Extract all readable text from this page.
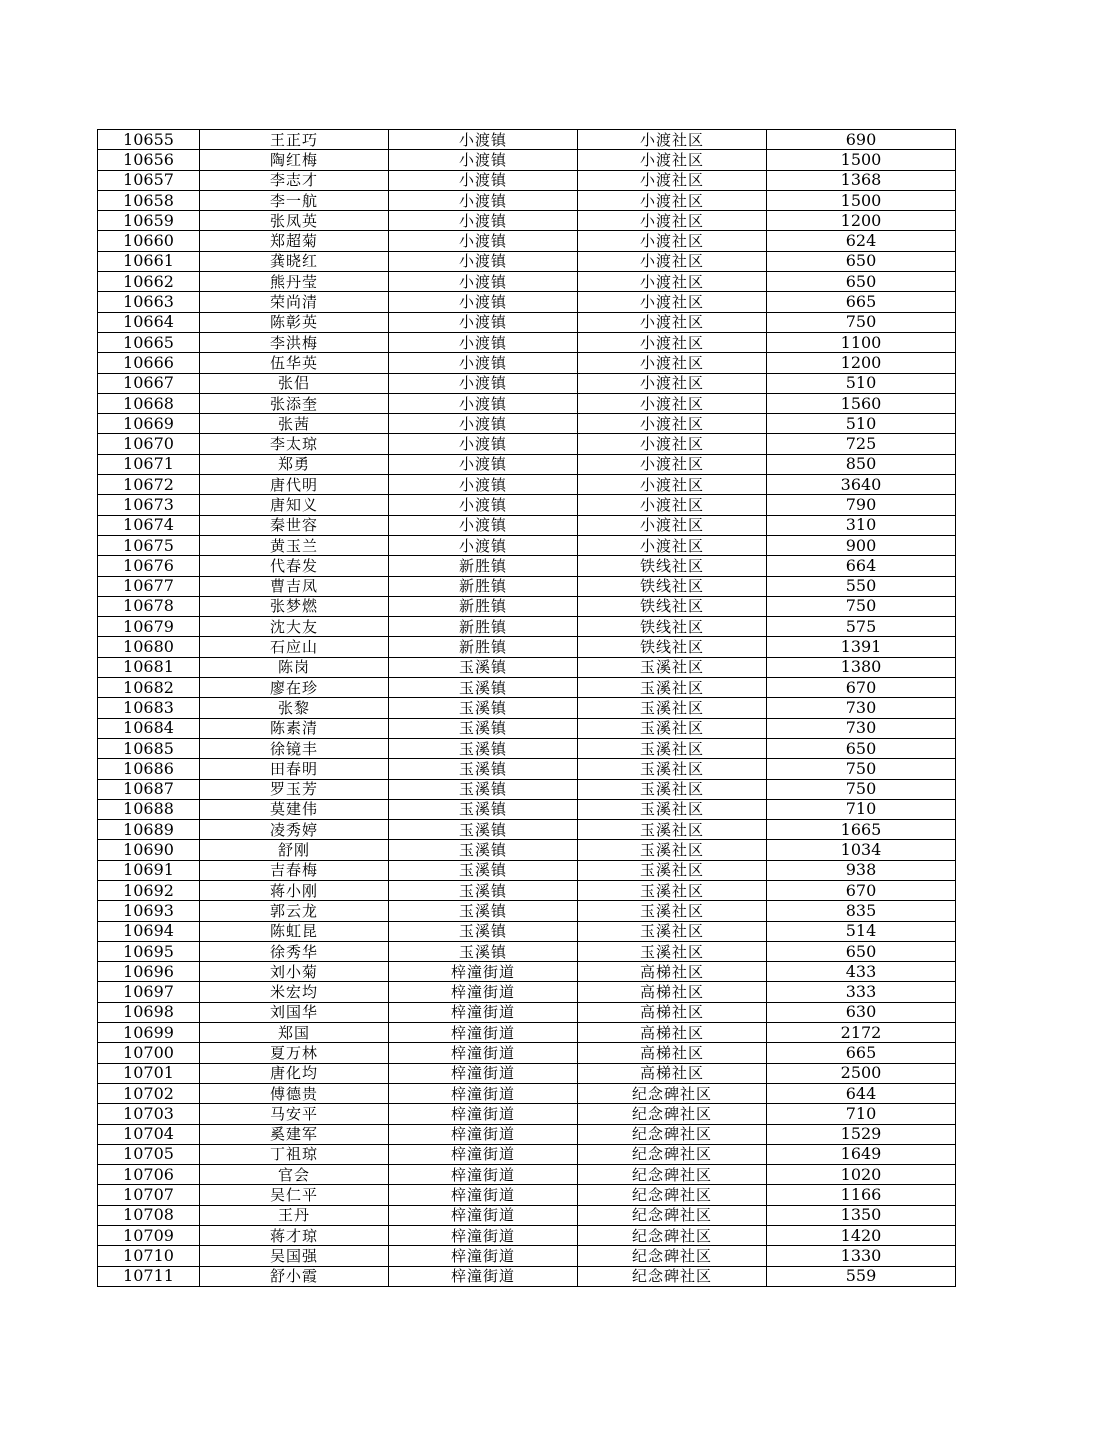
10655	王正巧	小渡镇	小渡社区	690
10656	陶红梅	小渡镇	小渡社区	1500
10657	李志才	小渡镇	小渡社区	1368
10658	李一航	小渡镇	小渡社区	1500
10659	张凤英	小渡镇	小渡社区	1200
10660	郑超菊	小渡镇	小渡社区	624
10661	龚晓红	小渡镇	小渡社区	650
10662	熊丹莹	小渡镇	小渡社区	650
10663	荣尚清	小渡镇	小渡社区	665
10664	陈彰英	小渡镇	小渡社区	750
10665	李洪梅	小渡镇	小渡社区	1100
10666	伍华英	小渡镇	小渡社区	1200
10667	张侣	小渡镇	小渡社区	510
10668	张添奎	小渡镇	小渡社区	1560
10669	张茜	小渡镇	小渡社区	510
10670	李太琼	小渡镇	小渡社区	725
10671	郑勇	小渡镇	小渡社区	850
10672	唐代明	小渡镇	小渡社区	3640
10673	唐知义	小渡镇	小渡社区	790
10674	秦世容	小渡镇	小渡社区	310
10675	黄玉兰	小渡镇	小渡社区	900
10676	代春发	新胜镇	铁线社区	664
10677	曹吉凤	新胜镇	铁线社区	550
10678	张梦燃	新胜镇	铁线社区	750
10679	沈大友	新胜镇	铁线社区	575
10680	石应山	新胜镇	铁线社区	1391
10681	陈岗	玉溪镇	玉溪社区	1380
10682	廖在珍	玉溪镇	玉溪社区	670
10683	张黎	玉溪镇	玉溪社区	730
10684	陈素清	玉溪镇	玉溪社区	730
10685	徐镜丰	玉溪镇	玉溪社区	650
10686	田春明	玉溪镇	玉溪社区	750
10687	罗玉芳	玉溪镇	玉溪社区	750
10688	莫建伟	玉溪镇	玉溪社区	710
10689	凌秀婷	玉溪镇	玉溪社区	1665
10690	舒刚	玉溪镇	玉溪社区	1034
10691	吉春梅	玉溪镇	玉溪社区	938
10692	蒋小刚	玉溪镇	玉溪社区	670
10693	郭云龙	玉溪镇	玉溪社区	835
10694	陈虹昆	玉溪镇	玉溪社区	514
10695	徐秀华	玉溪镇	玉溪社区	650
10696	刘小菊	梓潼街道	高梯社区	433
10697	米宏均	梓潼街道	高梯社区	333
10698	刘国华	梓潼街道	高梯社区	630
10699	郑国	梓潼街道	高梯社区	2172
10700	夏万林	梓潼街道	高梯社区	665
10701	唐化均	梓潼街道	高梯社区	2500
10702	傅德贵	梓潼街道	纪念碑社区	644
10703	马安平	梓潼街道	纪念碑社区	710
10704	奚建军	梓潼街道	纪念碑社区	1529
10705	丁祖琼	梓潼街道	纪念碑社区	1649
10706	官会	梓潼街道	纪念碑社区	1020
10707	吴仁平	梓潼街道	纪念碑社区	1166
10708	王丹	梓潼街道	纪念碑社区	1350
10709	蒋才琼	梓潼街道	纪念碑社区	1420
10710	吴国强	梓潼街道	纪念碑社区	1330
10711	舒小霞	梓潼街道	纪念碑社区	559
